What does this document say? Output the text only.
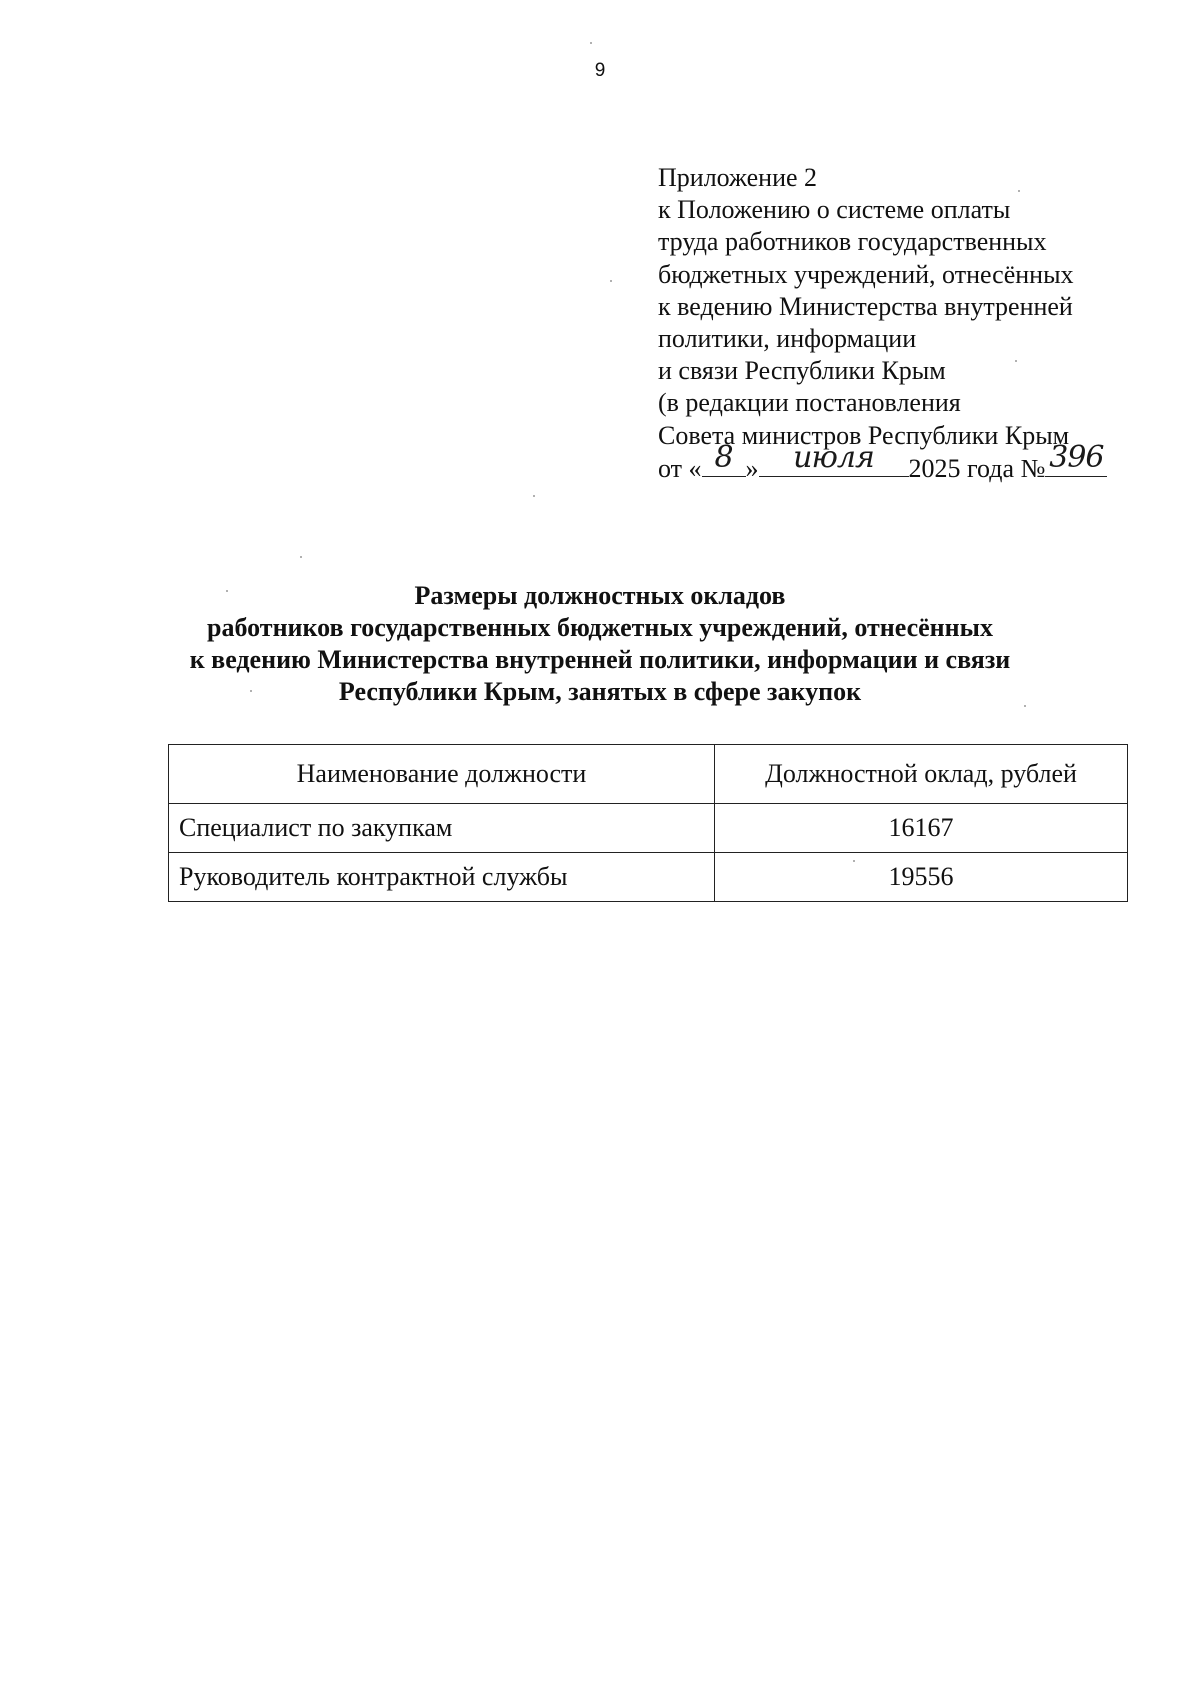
9
Приложение 2
к Положению о системе оплаты
труда работников государственных
бюджетных учреждений, отнесённых
к ведению Министерства внутренней
политики, информации
и связи Республики Крым
(в редакции постановления
Совета министров Республики Крым
от « 8 »	июля	2025 года № 396
Размеры должностных окладов
работников государственных бюджетных учреждений, отнесённых
к ведению Министерства внутренней политики, информации и связи
Республики Крым, занятых в сфере закупок
Наименование должности	Должностной оклад, рублей
Специалист по закупкам	16167
Руководитель контрактной службы	19556
